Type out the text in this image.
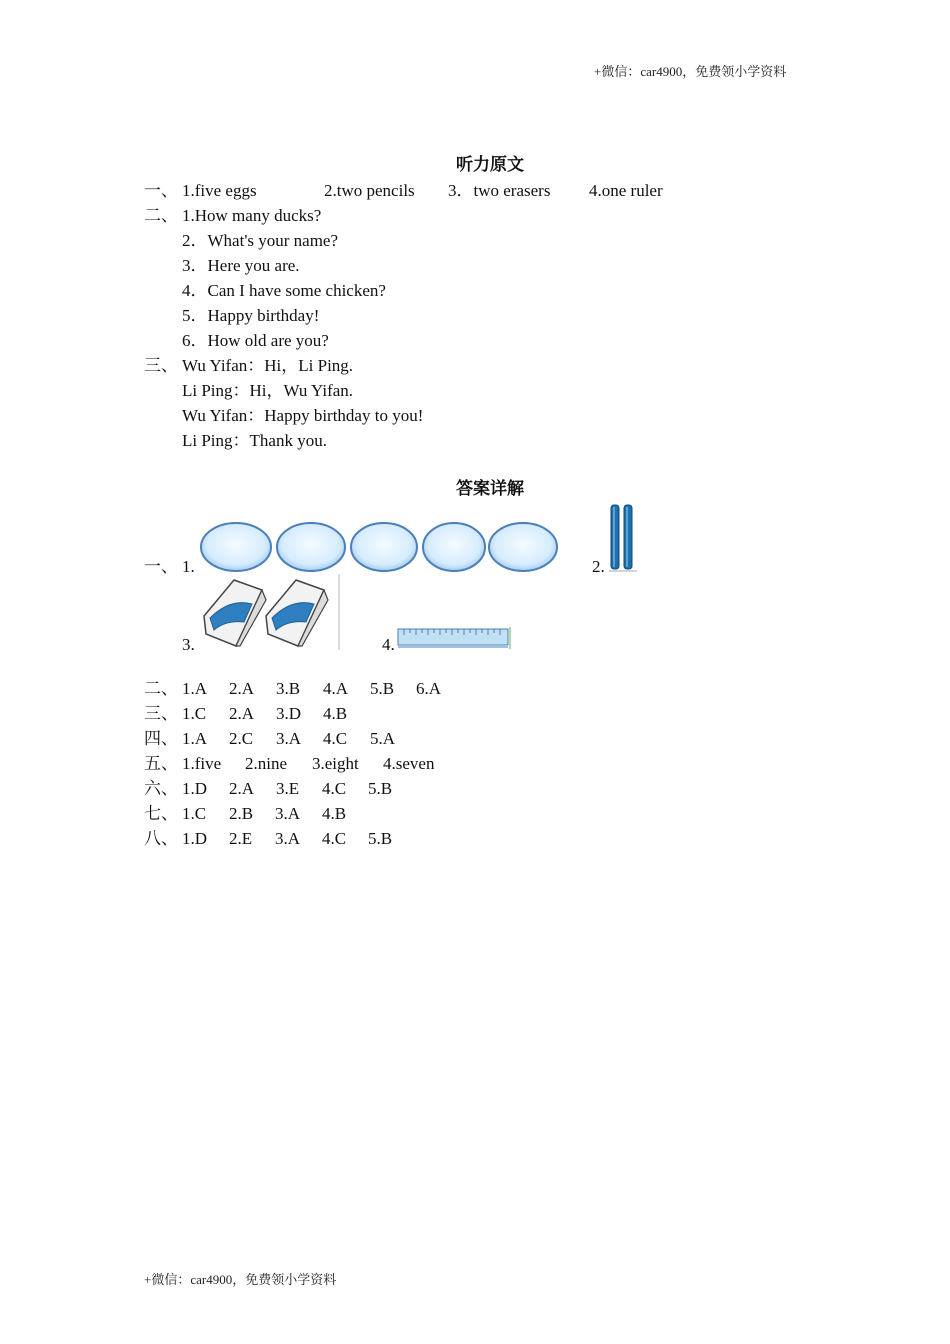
+微信：car4900，免费领小学资料
+微信：car4900，免费领小学资料
听力原文
一、 1.five eggs	2.two pencils 3．two erasers 4.one ruler
二、 1.How many ducks?
2．What's your name?
3．Here you are.
4．Can I have some chicken?
5．Happy birthday!
6．How old are you?
三、 Wu Yifan：Hi，Li Ping.
Li Ping：Hi，Wu Yifan.
Wu Yifan：Happy birthday to you!
Li Ping：Thank you.
答案详解
一、 1.	2.
3.	4.
二、 1.A 2.A 3.B 4.A 5.B 6.A
三、 1.C 2.A 3.D 4.B
四、 1.A 2.C 3.A 4.C 5.A
五、 1.five 2.nine 3.eight 4.seven
六、 1.D 2.A 3.E 4.C 5.B
七、 1.C 2.B 3.A 4.B
八、 1.D 2.E 3.A 4.C 5.B
